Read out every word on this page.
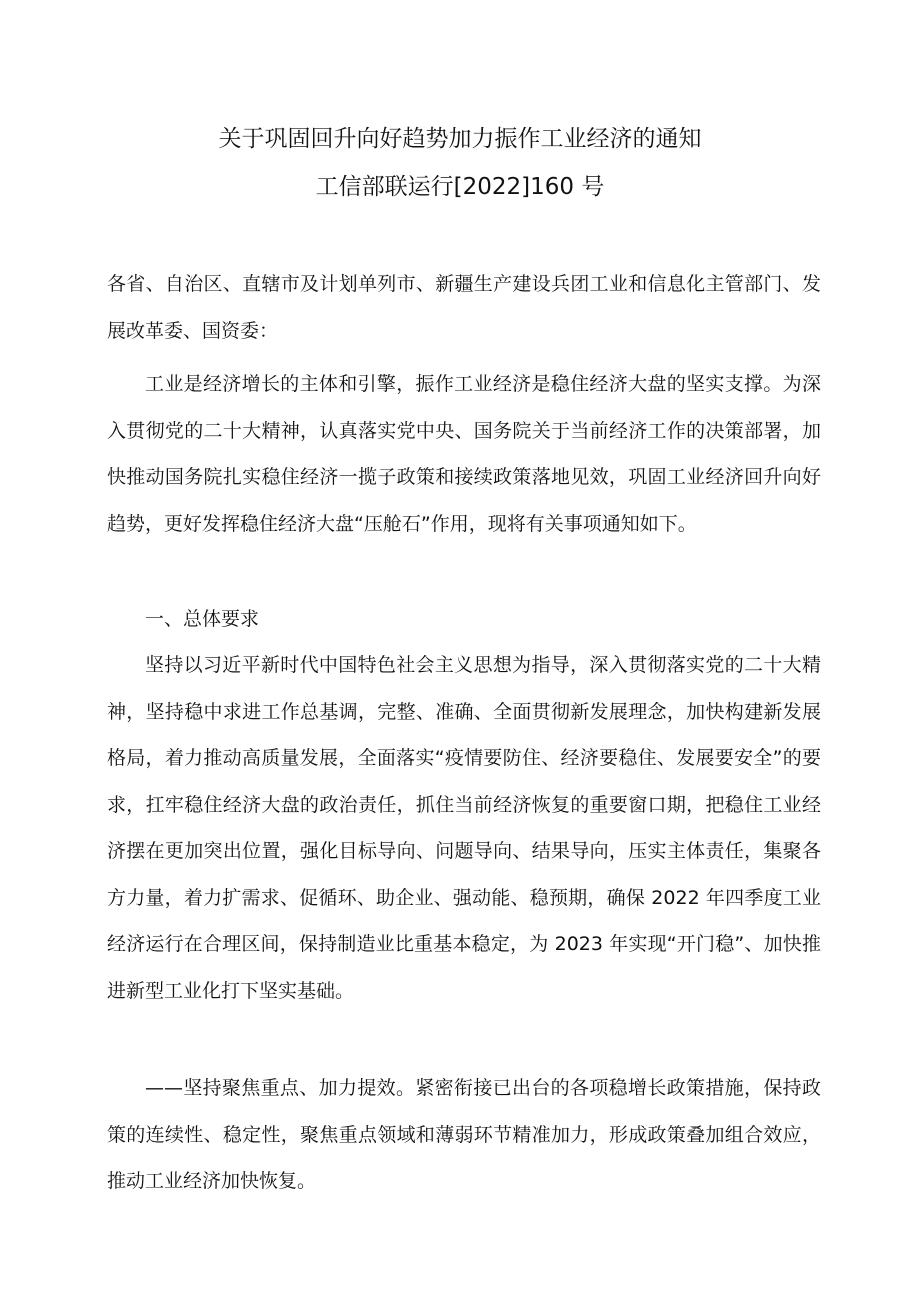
关于巩固回升向好趋势加力振作工业经济的通知
工信部联运行[2022]160 号

各省、自治区、直辖市及计划单列市、新疆生产建设兵团工业和信息化主管部门、发展改革委、国资委：

工业是经济增长的主体和引擎，振作工业经济是稳住经济大盘的坚实支撑。为深入贯彻党的二十大精神，认真落实党中央、国务院关于当前经济工作的决策部署，加快推动国务院扎实稳住经济一揽子政策和接续政策落地见效，巩固工业经济回升向好趋势，更好发挥稳住经济大盘“压舱石”作用，现将有关事项通知如下。

一、总体要求

坚持以习近平新时代中国特色社会主义思想为指导，深入贯彻落实党的二十大精神，坚持稳中求进工作总基调，完整、准确、全面贯彻新发展理念，加快构建新发展格局，着力推动高质量发展，全面落实“疫情要防住、经济要稳住、发展要安全”的要求，扛牢稳住经济大盘的政治责任，抓住当前经济恢复的重要窗口期，把稳住工业经济摆在更加突出位置，强化目标导向、问题导向、结果导向，压实主体责任，集聚各方力量，着力扩需求、促循环、助企业、强动能、稳预期，确保 2022 年四季度工业经济运行在合理区间，保持制造业比重基本稳定，为 2023 年实现“开门稳”、加快推进新型工业化打下坚实基础。

——坚持聚焦重点、加力提效。紧密衔接已出台的各项稳增长政策措施，保持政策的连续性、稳定性，聚焦重点领域和薄弱环节精准加力，形成政策叠加组合效应，推动工业经济加快恢复。
